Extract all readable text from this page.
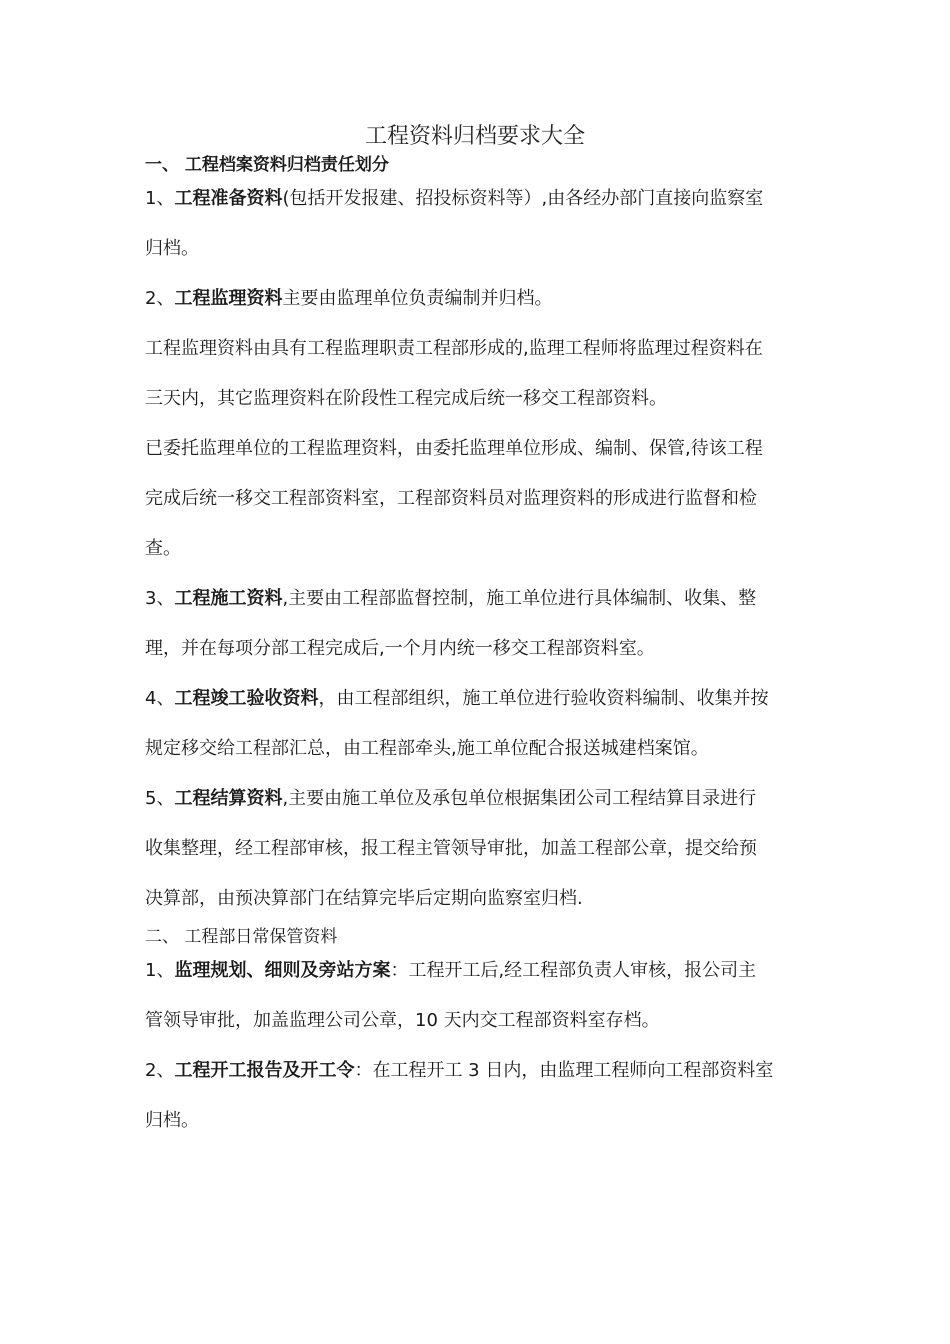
工程资料归档要求大全
一、 工程档案资料归档责任划分
1、工程准备资料(包括开发报建、招投标资料等）,由各经办部门直接向监察室
归档。
2、工程监理资料主要由监理单位负责编制并归档。
工程监理资料由具有工程监理职责工程部形成的,监理工程师将监理过程资料在
三天内，其它监理资料在阶段性工程完成后统一移交工程部资料。
已委托监理单位的工程监理资料，由委托监理单位形成、编制、保管,待该工程
完成后统一移交工程部资料室，工程部资料员对监理资料的形成进行监督和检
查。
3、工程施工资料,主要由工程部监督控制，施工单位进行具体编制、收集、整
理，并在每项分部工程完成后,一个月内统一移交工程部资料室。
4、工程竣工验收资料，由工程部组织，施工单位进行验收资料编制、收集并按
规定移交给工程部汇总，由工程部牵头,施工单位配合报送城建档案馆。
5、工程结算资料,主要由施工单位及承包单位根据集团公司工程结算目录进行
收集整理，经工程部审核，报工程主管领导审批，加盖工程部公章，提交给预
决算部，由预决算部门在结算完毕后定期向监察室归档.
二、 工程部日常保管资料
1、监理规划、细则及旁站方案：工程开工后,经工程部负责人审核，报公司主
管领导审批，加盖监理公司公章，10 天内交工程部资料室存档。
2、工程开工报告及开工令：在工程开工 3 日内，由监理工程师向工程部资料室
归档。
